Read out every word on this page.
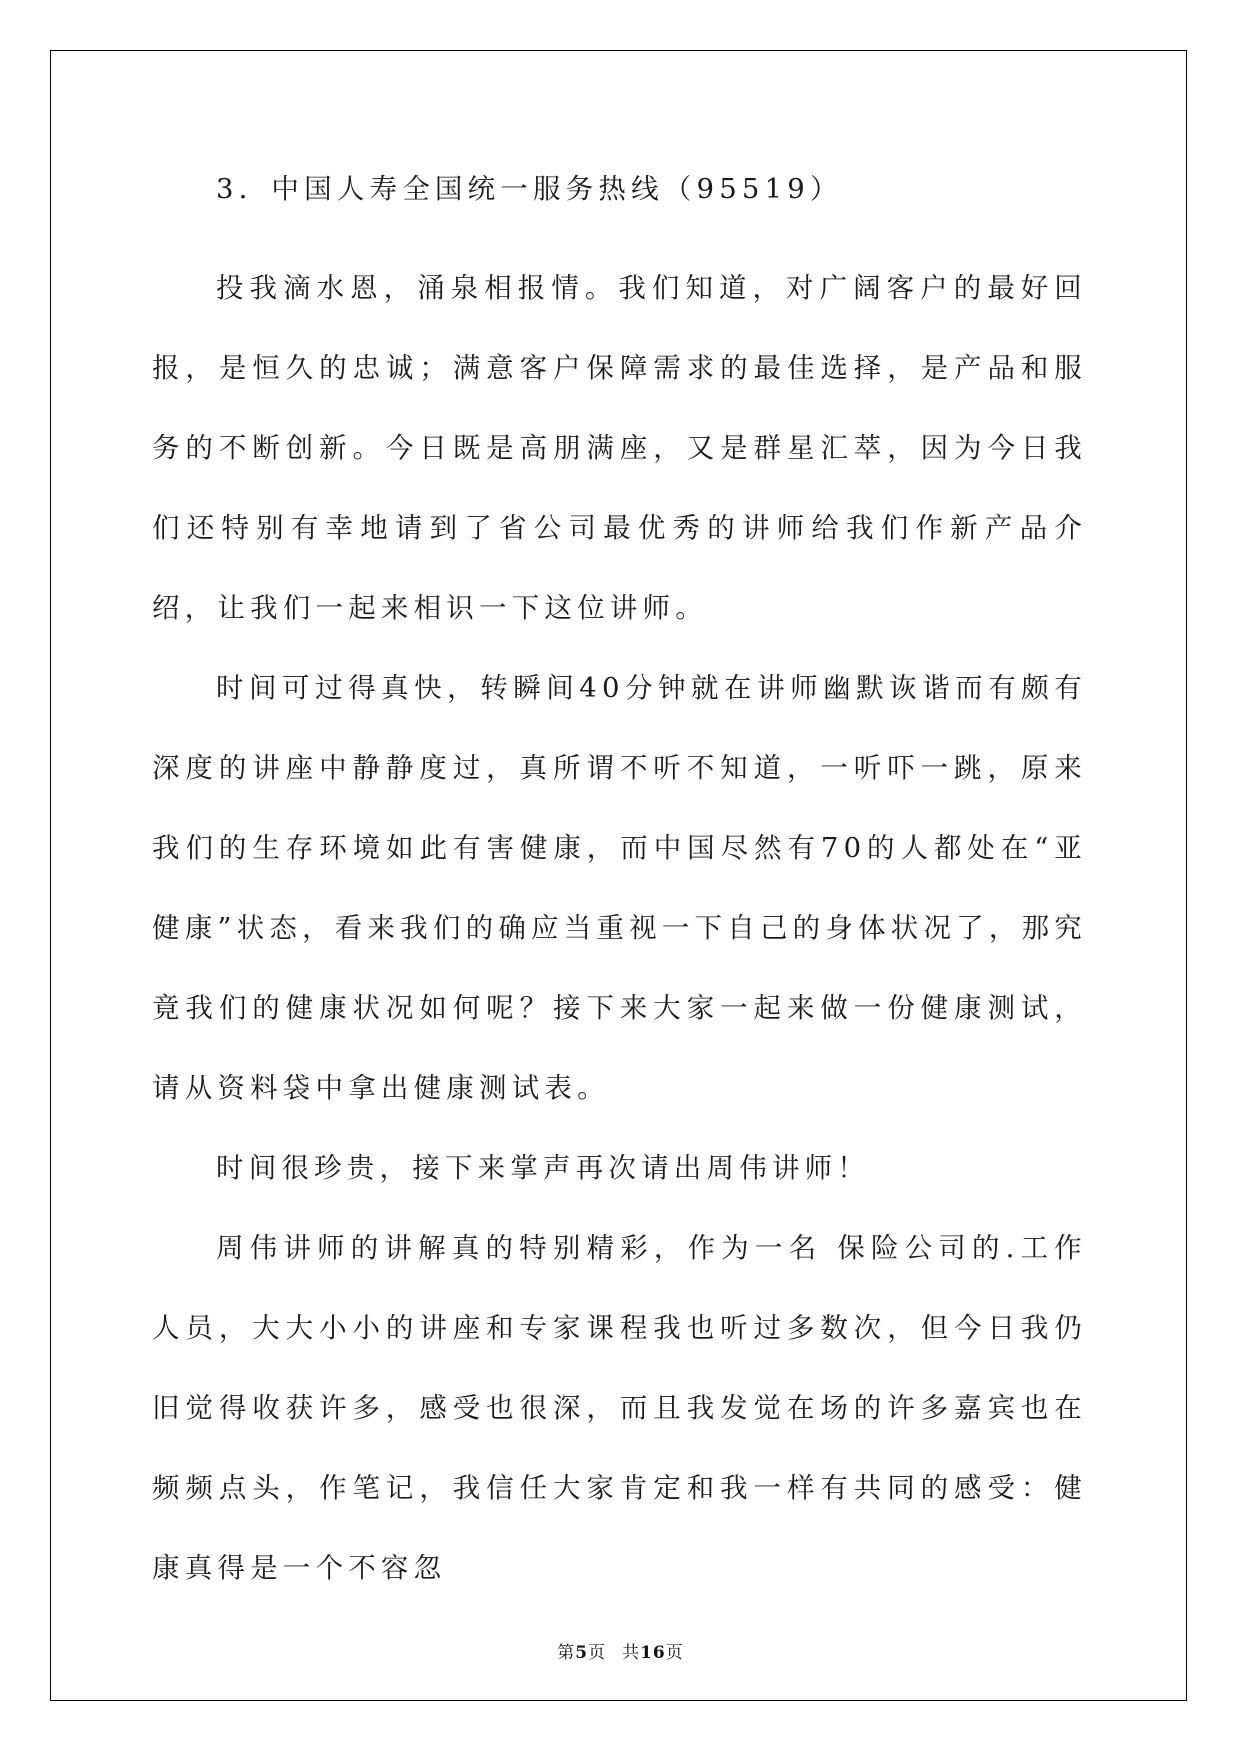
3．中国人寿全国统一服务热线（95519）

投我滴水恩，涌泉相报情。我们知道，对广阔客户的最好回报，是恒久的忠诚；满意客户保障需求的最佳选择，是产品和服务的不断创新。今日既是高朋满座，又是群星汇萃，因为今日我们还特别有幸地请到了省公司最优秀的讲师给我们作新产品介绍，让我们一起来相识一下这位讲师。

时间可过得真快，转瞬间40分钟就在讲师幽默诙谐而有颇有深度的讲座中静静度过，真所谓不听不知道，一听吓一跳，原来我们的生存环境如此有害健康，而中国尽然有70的人都处在“亚健康”状态，看来我们的确应当重视一下自己的身体状况了，那究竟我们的健康状况如何呢？接下来大家一起来做一份健康测试，请从资料袋中拿出健康测试表。

时间很珍贵，接下来掌声再次请出周伟讲师！

周伟讲师的讲解真的特别精彩，作为一名 保险公司的.工作人员，大大小小的讲座和专家课程我也听过多数次，但今日我仍旧觉得收获许多，感受也很深，而且我发觉在场的许多嘉宾也在频频点头，作笔记，我信任大家肯定和我一样有共同的感受：健康真得是一个不容忽

第5页 共16页
